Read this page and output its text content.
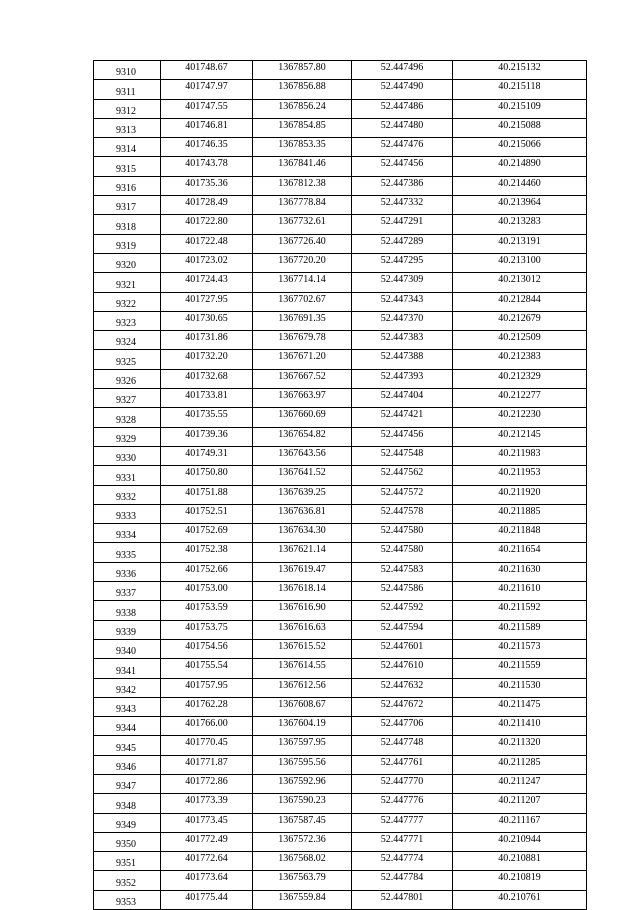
9310	401748.67	1367857.80	52.447496	40.215132
9311	401747.97	1367856.88	52.447490	40.215118
9312	401747.55	1367856.24	52.447486	40.215109
9313	401746.81	1367854.85	52.447480	40.215088
9314	401746.35	1367853.35	52.447476	40.215066
9315	401743.78	1367841.46	52.447456	40.214890
9316	401735.36	1367812.38	52.447386	40.214460
9317	401728.49	1367778.84	52.447332	40.213964
9318	401722.80	1367732.61	52.447291	40.213283
9319	401722.48	1367726.40	52.447289	40.213191
9320	401723.02	1367720.20	52.447295	40.213100
9321	401724.43	1367714.14	52.447309	40.213012
9322	401727.95	1367702.67	52.447343	40.212844
9323	401730.65	1367691.35	52.447370	40.212679
9324	401731.86	1367679.78	52.447383	40.212509
9325	401732.20	1367671.20	52.447388	40.212383
9326	401732.68	1367667.52	52.447393	40.212329
9327	401733.81	1367663.97	52.447404	40.212277
9328	401735.55	1367660.69	52.447421	40.212230
9329	401739.36	1367654.82	52.447456	40.212145
9330	401749.31	1367643.56	52.447548	40.211983
9331	401750.80	1367641.52	52.447562	40.211953
9332	401751.88	1367639.25	52.447572	40.211920
9333	401752.51	1367636.81	52.447578	40.211885
9334	401752.69	1367634.30	52.447580	40.211848
9335	401752.38	1367621.14	52.447580	40.211654
9336	401752.66	1367619.47	52.447583	40.211630
9337	401753.00	1367618.14	52.447586	40.211610
9338	401753.59	1367616.90	52.447592	40.211592
9339	401753.75	1367616.63	52.447594	40.211589
9340	401754.56	1367615.52	52.447601	40.211573
9341	401755.54	1367614.55	52.447610	40.211559
9342	401757.95	1367612.56	52.447632	40.211530
9343	401762.28	1367608.67	52.447672	40.211475
9344	401766.00	1367604.19	52.447706	40.211410
9345	401770.45	1367597.95	52.447748	40.211320
9346	401771.87	1367595.56	52.447761	40.211285
9347	401772.86	1367592.96	52.447770	40.211247
9348	401773.39	1367590.23	52.447776	40.211207
9349	401773.45	1367587.45	52.447777	40.211167
9350	401772.49	1367572.36	52.447771	40.210944
9351	401772.64	1367568.02	52.447774	40.210881
9352	401773.64	1367563.79	52.447784	40.210819
9353	401775.44	1367559.84	52.447801	40.210761
